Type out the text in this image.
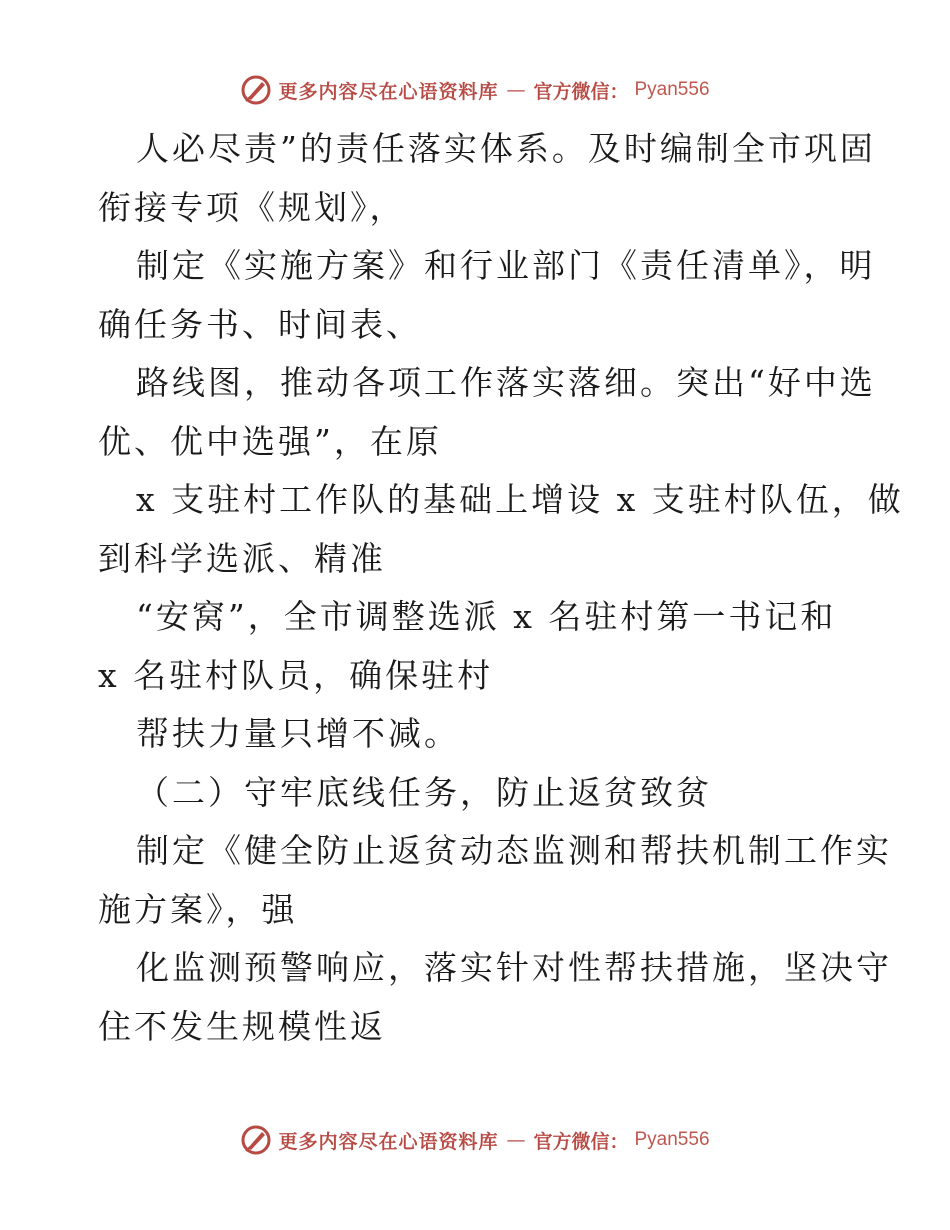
更多内容尽在心语资料库 — 官方微信： Pyan556

人必尽责”的责任落实体系。及时编制全市巩固
衔接专项《规划》，

制定《实施方案》和行业部门《责任清单》，明
确任务书、时间表、

路线图，推动各项工作落实落细。突出“好中选
优、优中选强”，在原

x 支驻村工作队的基础上增设 x 支驻村队伍，做
到科学选派、精准

“安窝”，全市调整选派 x 名驻村第一书记和
x 名驻村队员，确保驻村

帮扶力量只增不减。

（二）守牢底线任务，防止返贫致贫

制定《健全防止返贫动态监测和帮扶机制工作实
施方案》，强

化监测预警响应，落实针对性帮扶措施，坚决守
住不发生规模性返

更多内容尽在心语资料库 — 官方微信： Pyan556
